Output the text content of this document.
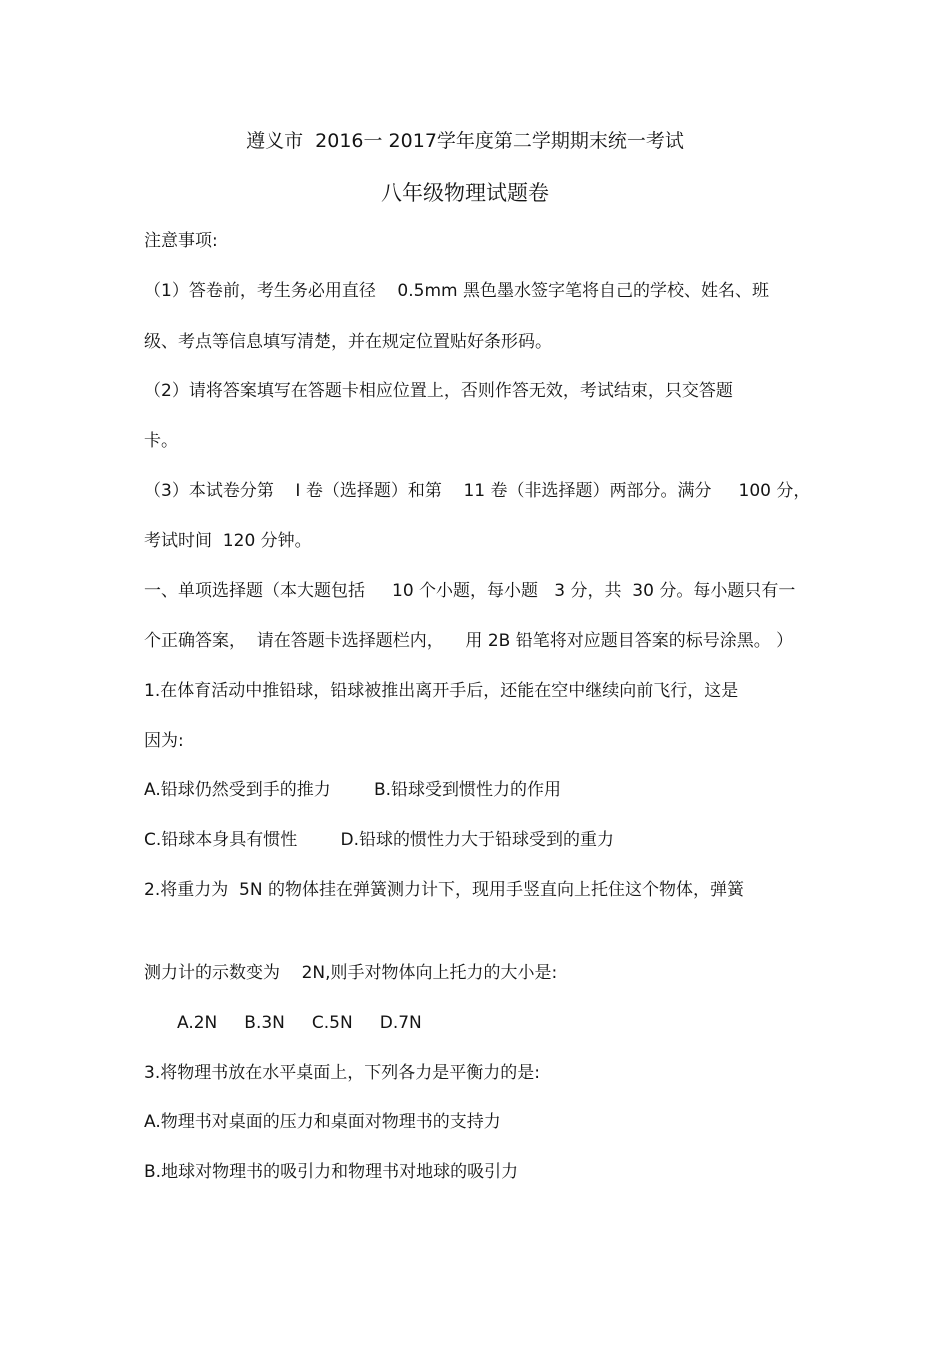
遵义市  2016一 2017学年度第二学期期末统一考试
八年级物理试题卷
注意事项:
（1）答卷前，考生务必用直径    0.5mm 黑色墨水签字笔将自己的学校、姓名、班
级、考点等信息填写清楚，并在规定位置贴好条形码。
（2）请将答案填写在答题卡相应位置上，否则作答无效，考试结束，只交答题
卡。
（3）本试卷分第    I 卷（选择题）和第    11 卷（非选择题）两部分。满分     100 分，
考试时间  120 分钟。
一、单项选择题（本大题包括     10 个小题，每小题   3 分，共  30 分。每小题只有一
个正确答案，  请在答题卡选择题栏内，    用 2B 铅笔将对应题目答案的标号涂黑。 ）
1.在体育活动中推铅球，铅球被推出离开手后，还能在空中继续向前飞行，这是
因为:
A.铅球仍然受到手的推力        B.铅球受到惯性力的作用
C.铅球本身具有惯性        D.铅球的惯性力大于铅球受到的重力
2.将重力为  5N 的物体挂在弹簧测力计下，现用手竖直向上托住这个物体，弹簧
测力计的示数变为    2N,则手对物体向上托力的大小是:
A.2N     B.3N     C.5N     D.7N
3.将物理书放在水平桌面上，下列各力是平衡力的是:
A.物理书对桌面的压力和桌面对物理书的支持力
B.地球对物理书的吸引力和物理书对地球的吸引力
